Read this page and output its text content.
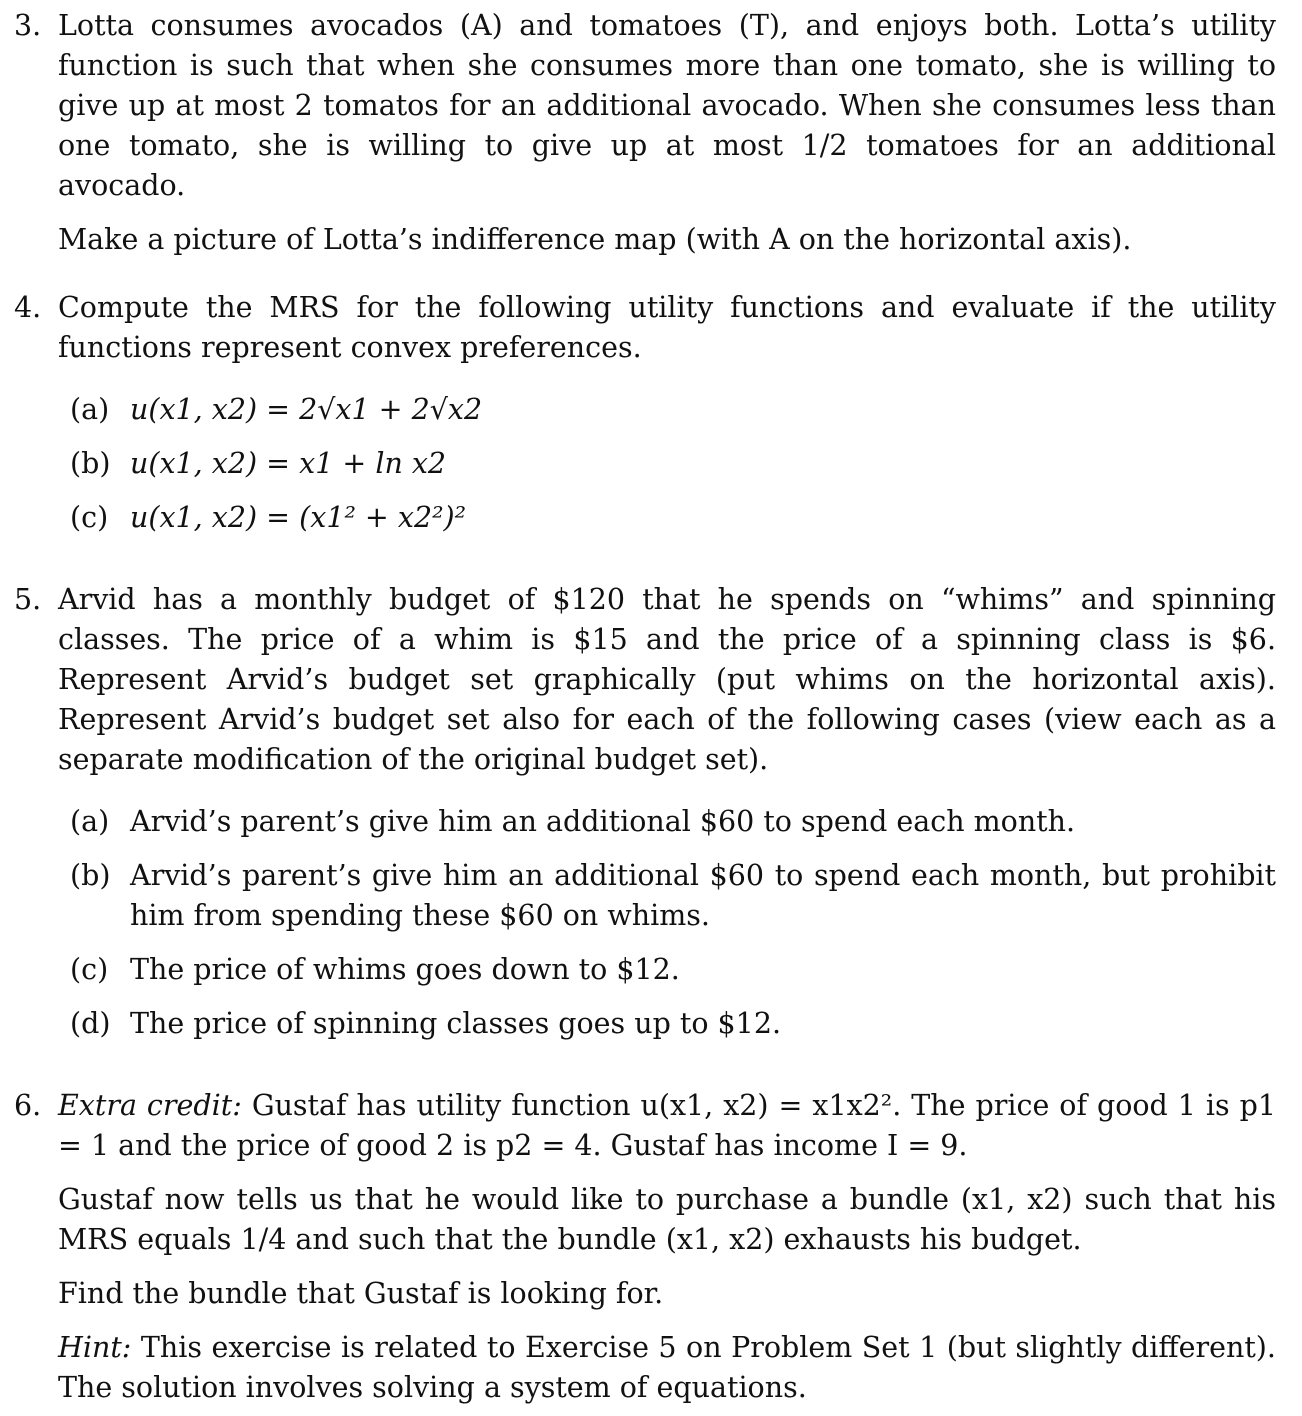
3. Lotta consumes avocados (A) and tomatoes (T), and enjoys both. Lotta’s utility function is such that when she consumes more than one tomato, she is willing to give up at most 2 tomatos for an additional avocado. When she consumes less than one tomato, she is willing to give up at most 1/2 tomatoes for an additional avocado.

Make a picture of Lotta’s indifference map (with A on the horizontal axis).

4. Compute the MRS for the following utility functions and evaluate if the utility functions represent convex preferences.

(a) u(x1, x2) = 2√x1 + 2√x2
(b) u(x1, x2) = x1 + ln x2
(c) u(x1, x2) = (x1² + x2²)²
5. Arvid has a monthly budget of $120 that he spends on “whims” and spinning classes. The price of a whim is $15 and the price of a spinning class is $6. Represent Arvid’s budget set graphically (put whims on the horizontal axis). Represent Arvid’s budget set also for each of the following cases (view each as a separate modification of the original budget set).

(a) Arvid’s parent’s give him an additional $60 to spend each month.
(b) Arvid’s parent’s give him an additional $60 to spend each month, but prohibit him from spending these $60 on whims.
(c) The price of whims goes down to $12.
(d) The price of spinning classes goes up to $12.
6. Extra credit: Gustaf has utility function u(x1, x2) = x1x2². The price of good 1 is p1 = 1 and the price of good 2 is p2 = 4. Gustaf has income I = 9.

Gustaf now tells us that he would like to purchase a bundle (x1, x2) such that his MRS equals 1/4 and such that the bundle (x1, x2) exhausts his budget.

Find the bundle that Gustaf is looking for.

Hint: This exercise is related to Exercise 5 on Problem Set 1 (but slightly different). The solution involves solving a system of equations.
